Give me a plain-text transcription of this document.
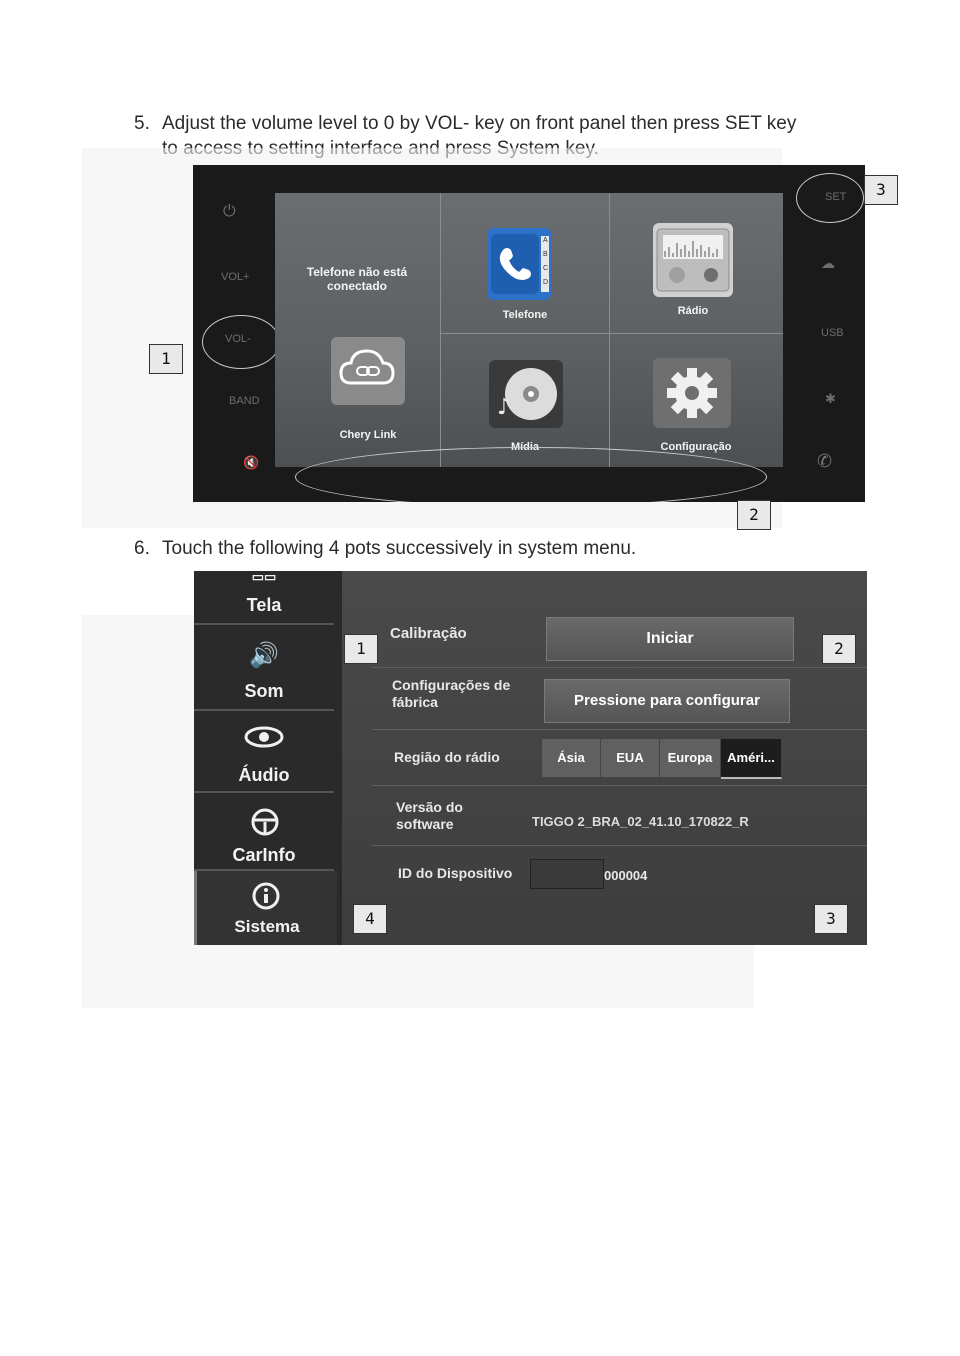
5. Adjust the volume level to 0 by VOL- key on front panel then press SET key
⏻
VOL+
VOL-
BAND
🔇
SET
☁
USB
✱
✆
Telefone não está conectado
A
B
C
D
Telefone	Rádio
Chery Link
♪
Mídia	Configuração
1
2
3
6. Touch the following 4 pots successively in system menu.
▭▭
Tela
🔊
Som
Áudio
CarInfo
Sistema
Calibração	Iniciar
Configurações de fábrica	Pressione para configurar
Região do rádio	Ásia	EUA	Europa	Améri...
Versão do software	TIGGO 2_BRA_02_41.10_170822_R
ID do Dispositivo	000004
1	2
3
4
